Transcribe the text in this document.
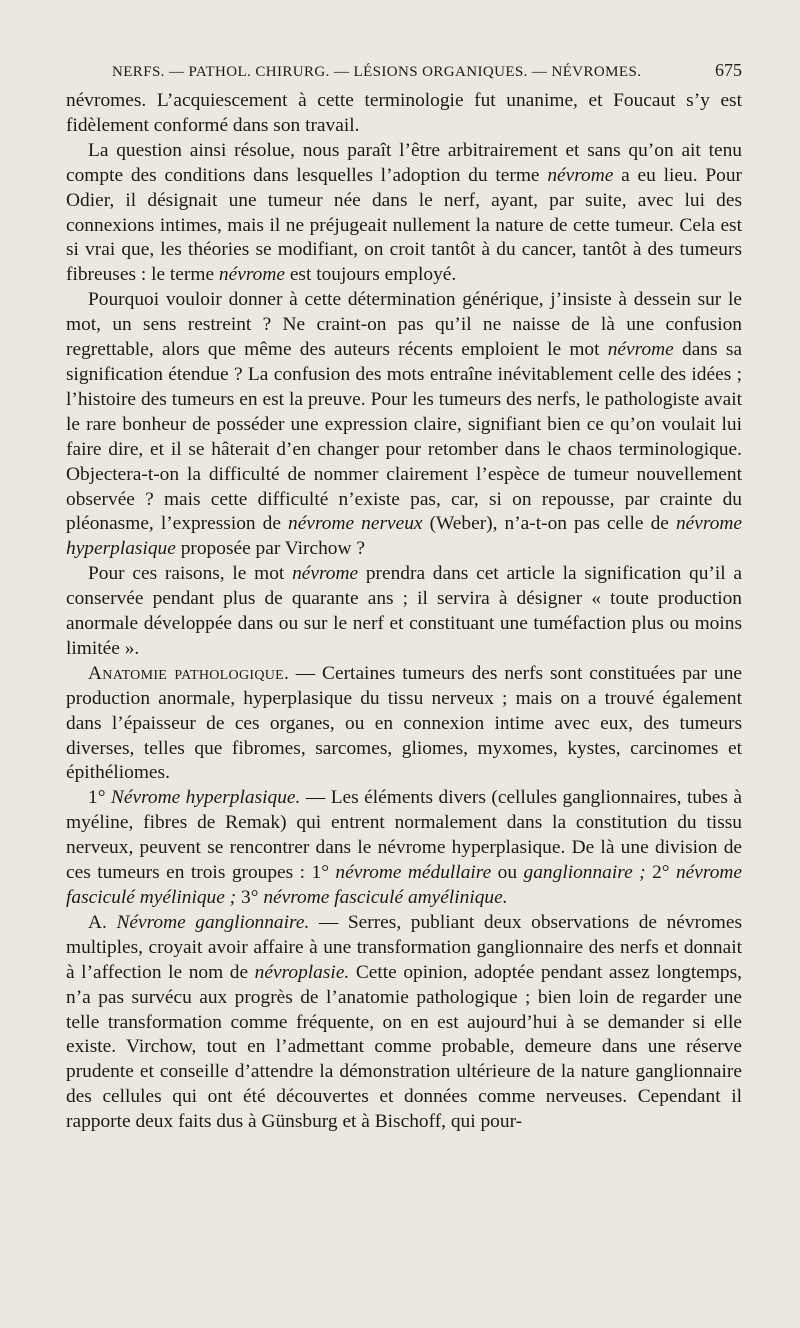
NERFS. — PATHOL. CHIRURG. — LÉSIONS ORGANIQUES. — NÉVROMES.	675

névromes. L’acquiescement à cette terminologie fut unanime, et Foucaut s’y est fidèlement conformé dans son travail.

La question ainsi résolue, nous paraît l’être arbitrairement et sans qu’on ait tenu compte des conditions dans lesquelles l’adoption du terme névrome a eu lieu. Pour Odier, il désignait une tumeur née dans le nerf, ayant, par suite, avec lui des connexions intimes, mais il ne préjugeait nullement la nature de cette tumeur. Cela est si vrai que, les théories se modifiant, on croit tantôt à du cancer, tantôt à des tumeurs fibreuses : le terme névrome est toujours employé.

Pourquoi vouloir donner à cette détermination générique, j’insiste à dessein sur le mot, un sens restreint ? Ne craint-on pas qu’il ne naisse de là une confusion regrettable, alors que même des auteurs récents emploient le mot névrome dans sa signification étendue ? La confusion des mots entraîne inévitablement celle des idées ; l’histoire des tumeurs en est la preuve. Pour les tumeurs des nerfs, le pathologiste avait le rare bonheur de posséder une expression claire, signifiant bien ce qu’on voulait lui faire dire, et il se hâterait d’en changer pour retomber dans le chaos terminologique. Objectera-t-on la difficulté de nommer clairement l’espèce de tumeur nouvellement observée ? mais cette difficulté n’existe pas, car, si on repousse, par crainte du pléonasme, l’expression de névrome nerveux (Weber), n’a-t-on pas celle de névrome hyperplasique proposée par Virchow ?

Pour ces raisons, le mot névrome prendra dans cet article la signification qu’il a conservée pendant plus de quarante ans ; il servira à désigner « toute production anormale développée dans ou sur le nerf et constituant une tuméfaction plus ou moins limitée ».

Anatomie pathologique. — Certaines tumeurs des nerfs sont constituées par une production anormale, hyperplasique du tissu nerveux ; mais on a trouvé également dans l’épaisseur de ces organes, ou en connexion intime avec eux, des tumeurs diverses, telles que fibromes, sarcomes, gliomes, myxomes, kystes, carcinomes et épithéliomes.

1° Névrome hyperplasique. — Les éléments divers (cellules ganglionnaires, tubes à myéline, fibres de Remak) qui entrent normalement dans la constitution du tissu nerveux, peuvent se rencontrer dans le névrome hyperplasique. De là une division de ces tumeurs en trois groupes : 1° névrome médullaire ou ganglionnaire ; 2° névrome fasciculé myélinique ; 3° névrome fasciculé amyélinique.

A. Névrome ganglionnaire. — Serres, publiant deux observations de névromes multiples, croyait avoir affaire à une transformation ganglionnaire des nerfs et donnait à l’affection le nom de névroplasie. Cette opinion, adoptée pendant assez longtemps, n’a pas survécu aux progrès de l’anatomie pathologique ; bien loin de regarder une telle transformation comme fréquente, on en est aujourd’hui à se demander si elle existe. Virchow, tout en l’admettant comme probable, demeure dans une réserve prudente et conseille d’attendre la démonstration ultérieure de la nature ganglionnaire des cellules qui ont été découvertes et données comme nerveuses. Cependant il rapporte deux faits dus à Günsburg et à Bischoff, qui pour-
